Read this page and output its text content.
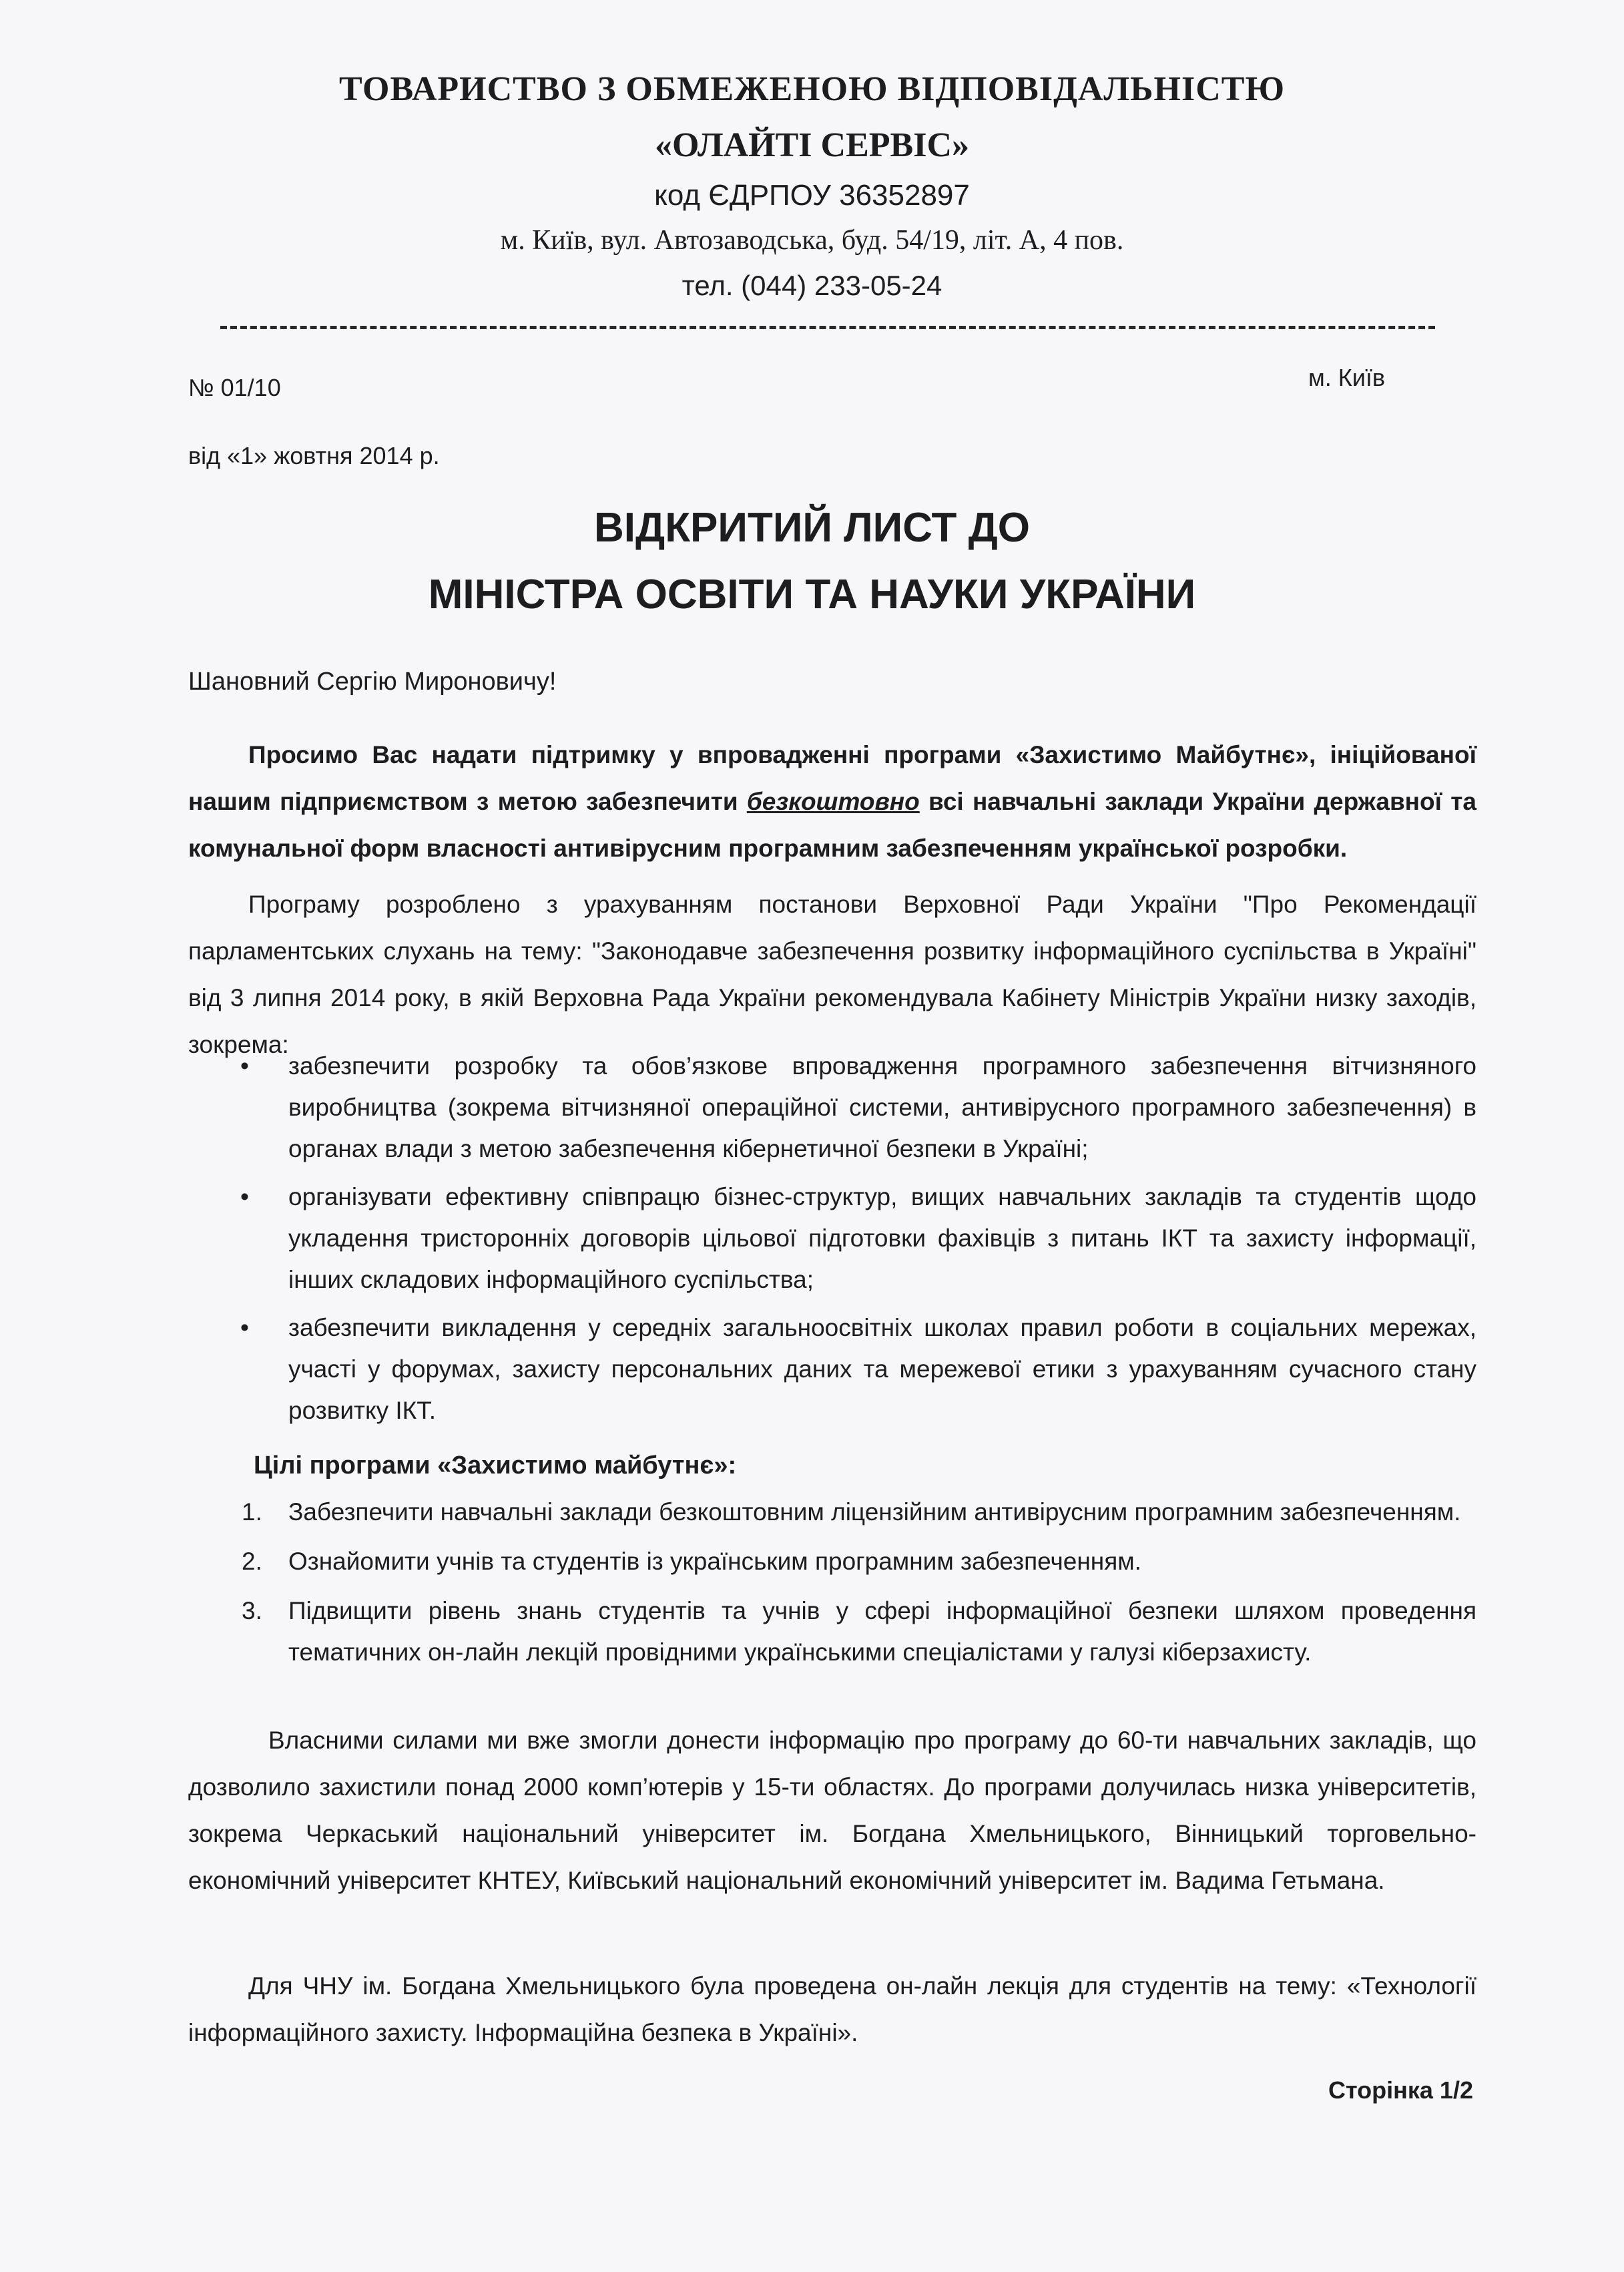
ТОВАРИСТВО З ОБМЕЖЕНОЮ ВІДПОВІДАЛЬНІСТЮ
«ОЛАЙТІ СЕРВІС»
код ЄДРПОУ 36352897
м. Київ, вул. Автозаводська, буд. 54/19, літ. А, 4 пов.
тел. (044) 233-05-24
№ 01/10	м. Київ
від «1» жовтня 2014 р.
ВІДКРИТИЙ ЛИСТ ДО
МІНІСТРА ОСВІТИ ТА НАУКИ УКРАЇНИ
Шановний Сергію Мироновичу!

Просимо Вас надати підтримку у впровадженні програми «Захистимо Майбутнє», ініційованої нашим підприємством з метою забезпечити безкоштовно всі навчальні заклади України державної та комунальної форм власності антивірусним програмним забезпеченням української розробки.

Програму розроблено з урахуванням постанови Верховної Ради України "Про Рекомендації парламентських слухань на тему: "Законодавче забезпечення розвитку інформаційного суспільства в Україні" від 3 липня 2014 року, в якій Верховна Рада України рекомендувала Кабінету Міністрів України низку заходів, зокрема:

• забезпечити розробку та обов’язкове впровадження програмного забезпечення вітчизняного виробництва (зокрема вітчизняної операційної системи, антивірусного програмного забезпечення) в органах влади з метою забезпечення кібернетичної безпеки в Україні;
• організувати ефективну співпрацю бізнес-структур, вищих навчальних закладів та студентів щодо укладення тристоронніх договорів цільової підготовки фахівців з питань ІКТ та захисту інформації, інших складових інформаційного суспільства;
• забезпечити викладення у середніх загальноосвітніх школах правил роботи в соціальних мережах, участі у форумах, захисту персональних даних та мережевої етики з урахуванням сучасного стану розвитку ІКТ.
Цілі програми «Захистимо майбутнє»:
1. Забезпечити навчальні заклади безкоштовним ліцензійним антивірусним програмним забезпеченням.
2. Ознайомити учнів та студентів із українським програмним забезпеченням.
3. Підвищити рівень знань студентів та учнів у сфері інформаційної безпеки шляхом проведення тематичних он-лайн лекцій провідними українськими спеціалістами у галузі кіберзахисту.

Власними силами ми вже змогли донести інформацію про програму до 60-ти навчальних закладів, що дозволило захистили понад 2000 комп’ютерів у 15-ти областях. До програми долучилась низка університетів, зокрема Черкаський національний університет ім. Богдана Хмельницького, Вінницький торговельно-економічний університет КНТЕУ, Київський національний економічний університет ім. Вадима Гетьмана.

Для ЧНУ ім. Богдана Хмельницького була проведена он-лайн лекція для студентів на тему: «Технології інформаційного захисту. Інформаційна безпека в Україні».

Сторінка 1/2
